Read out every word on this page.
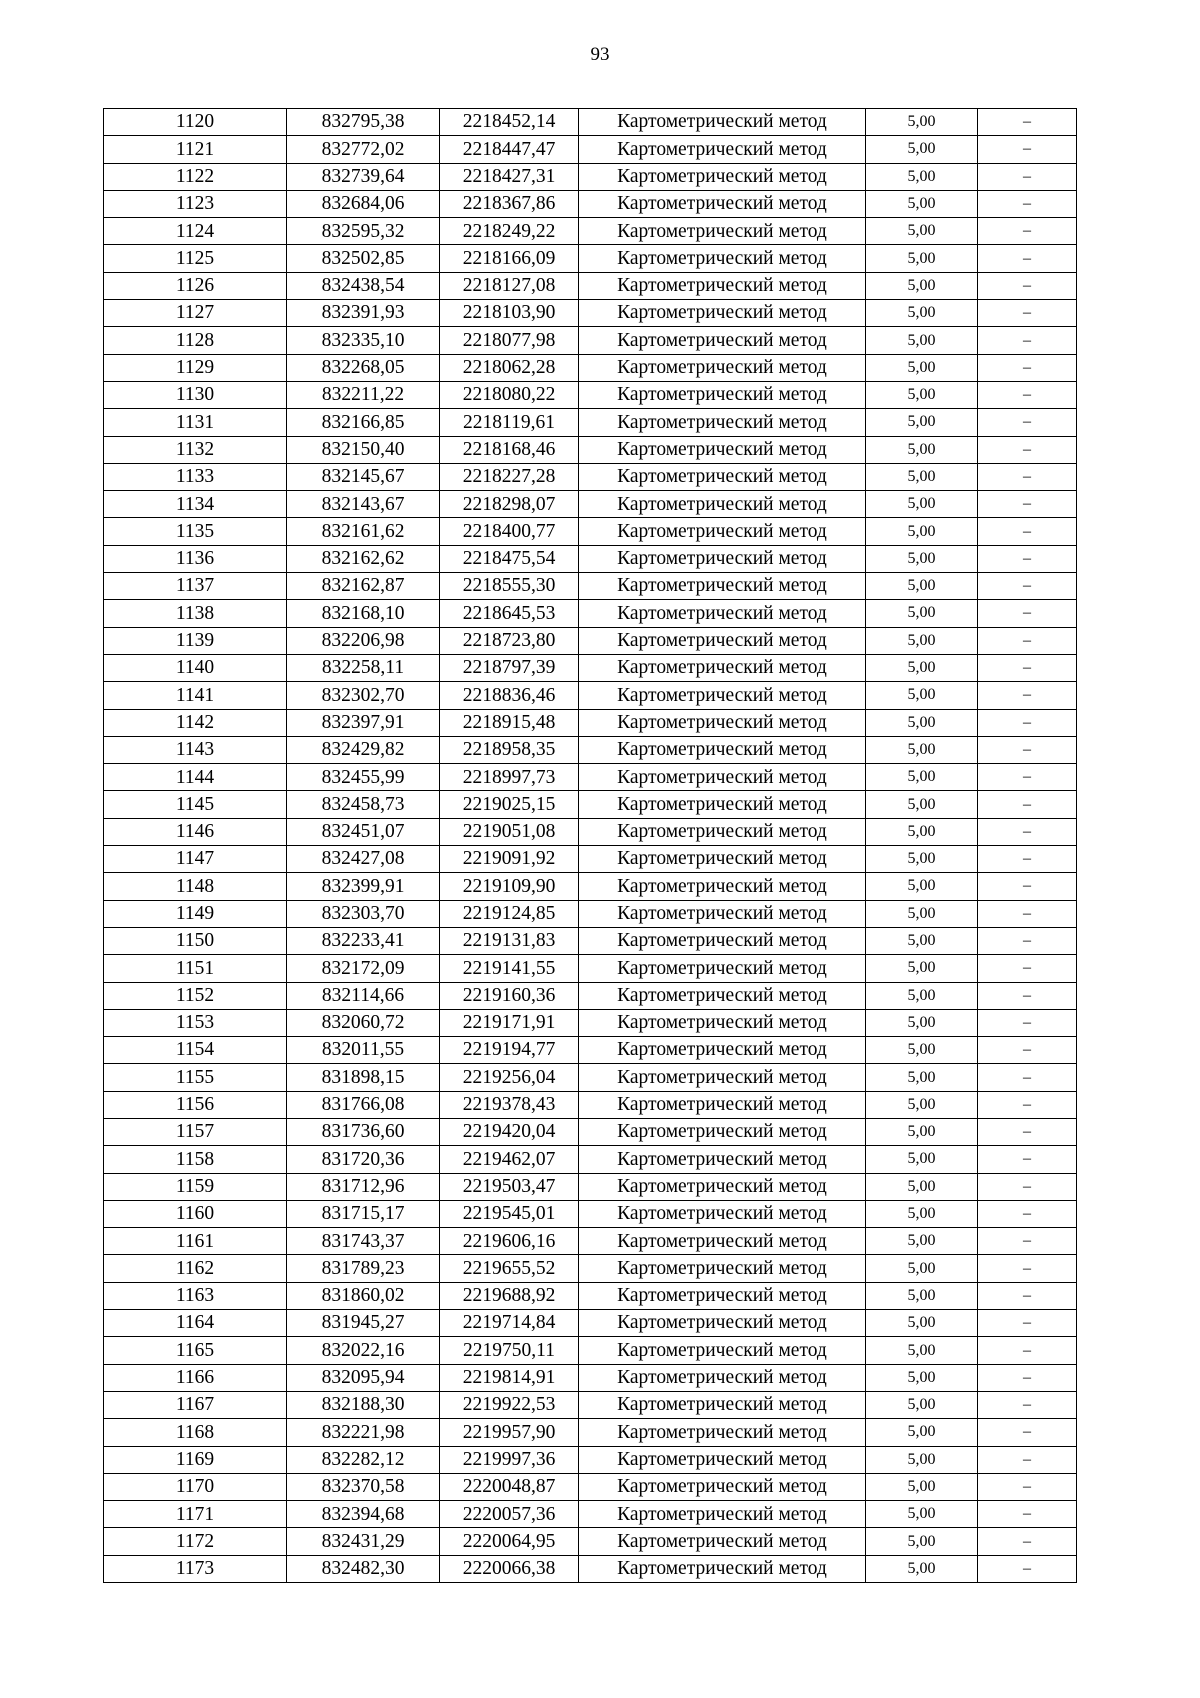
93
1120	832795,38	2218452,14	Картометрический метод	5,00	–
1121	832772,02	2218447,47	Картометрический метод	5,00	–
1122	832739,64	2218427,31	Картометрический метод	5,00	–
1123	832684,06	2218367,86	Картометрический метод	5,00	–
1124	832595,32	2218249,22	Картометрический метод	5,00	–
1125	832502,85	2218166,09	Картометрический метод	5,00	–
1126	832438,54	2218127,08	Картометрический метод	5,00	–
1127	832391,93	2218103,90	Картометрический метод	5,00	–
1128	832335,10	2218077,98	Картометрический метод	5,00	–
1129	832268,05	2218062,28	Картометрический метод	5,00	–
1130	832211,22	2218080,22	Картометрический метод	5,00	–
1131	832166,85	2218119,61	Картометрический метод	5,00	–
1132	832150,40	2218168,46	Картометрический метод	5,00	–
1133	832145,67	2218227,28	Картометрический метод	5,00	–
1134	832143,67	2218298,07	Картометрический метод	5,00	–
1135	832161,62	2218400,77	Картометрический метод	5,00	–
1136	832162,62	2218475,54	Картометрический метод	5,00	–
1137	832162,87	2218555,30	Картометрический метод	5,00	–
1138	832168,10	2218645,53	Картометрический метод	5,00	–
1139	832206,98	2218723,80	Картометрический метод	5,00	–
1140	832258,11	2218797,39	Картометрический метод	5,00	–
1141	832302,70	2218836,46	Картометрический метод	5,00	–
1142	832397,91	2218915,48	Картометрический метод	5,00	–
1143	832429,82	2218958,35	Картометрический метод	5,00	–
1144	832455,99	2218997,73	Картометрический метод	5,00	–
1145	832458,73	2219025,15	Картометрический метод	5,00	–
1146	832451,07	2219051,08	Картометрический метод	5,00	–
1147	832427,08	2219091,92	Картометрический метод	5,00	–
1148	832399,91	2219109,90	Картометрический метод	5,00	–
1149	832303,70	2219124,85	Картометрический метод	5,00	–
1150	832233,41	2219131,83	Картометрический метод	5,00	–
1151	832172,09	2219141,55	Картометрический метод	5,00	–
1152	832114,66	2219160,36	Картометрический метод	5,00	–
1153	832060,72	2219171,91	Картометрический метод	5,00	–
1154	832011,55	2219194,77	Картометрический метод	5,00	–
1155	831898,15	2219256,04	Картометрический метод	5,00	–
1156	831766,08	2219378,43	Картометрический метод	5,00	–
1157	831736,60	2219420,04	Картометрический метод	5,00	–
1158	831720,36	2219462,07	Картометрический метод	5,00	–
1159	831712,96	2219503,47	Картометрический метод	5,00	–
1160	831715,17	2219545,01	Картометрический метод	5,00	–
1161	831743,37	2219606,16	Картометрический метод	5,00	–
1162	831789,23	2219655,52	Картометрический метод	5,00	–
1163	831860,02	2219688,92	Картометрический метод	5,00	–
1164	831945,27	2219714,84	Картометрический метод	5,00	–
1165	832022,16	2219750,11	Картометрический метод	5,00	–
1166	832095,94	2219814,91	Картометрический метод	5,00	–
1167	832188,30	2219922,53	Картометрический метод	5,00	–
1168	832221,98	2219957,90	Картометрический метод	5,00	–
1169	832282,12	2219997,36	Картометрический метод	5,00	–
1170	832370,58	2220048,87	Картометрический метод	5,00	–
1171	832394,68	2220057,36	Картометрический метод	5,00	–
1172	832431,29	2220064,95	Картометрический метод	5,00	–
1173	832482,30	2220066,38	Картометрический метод	5,00	–
